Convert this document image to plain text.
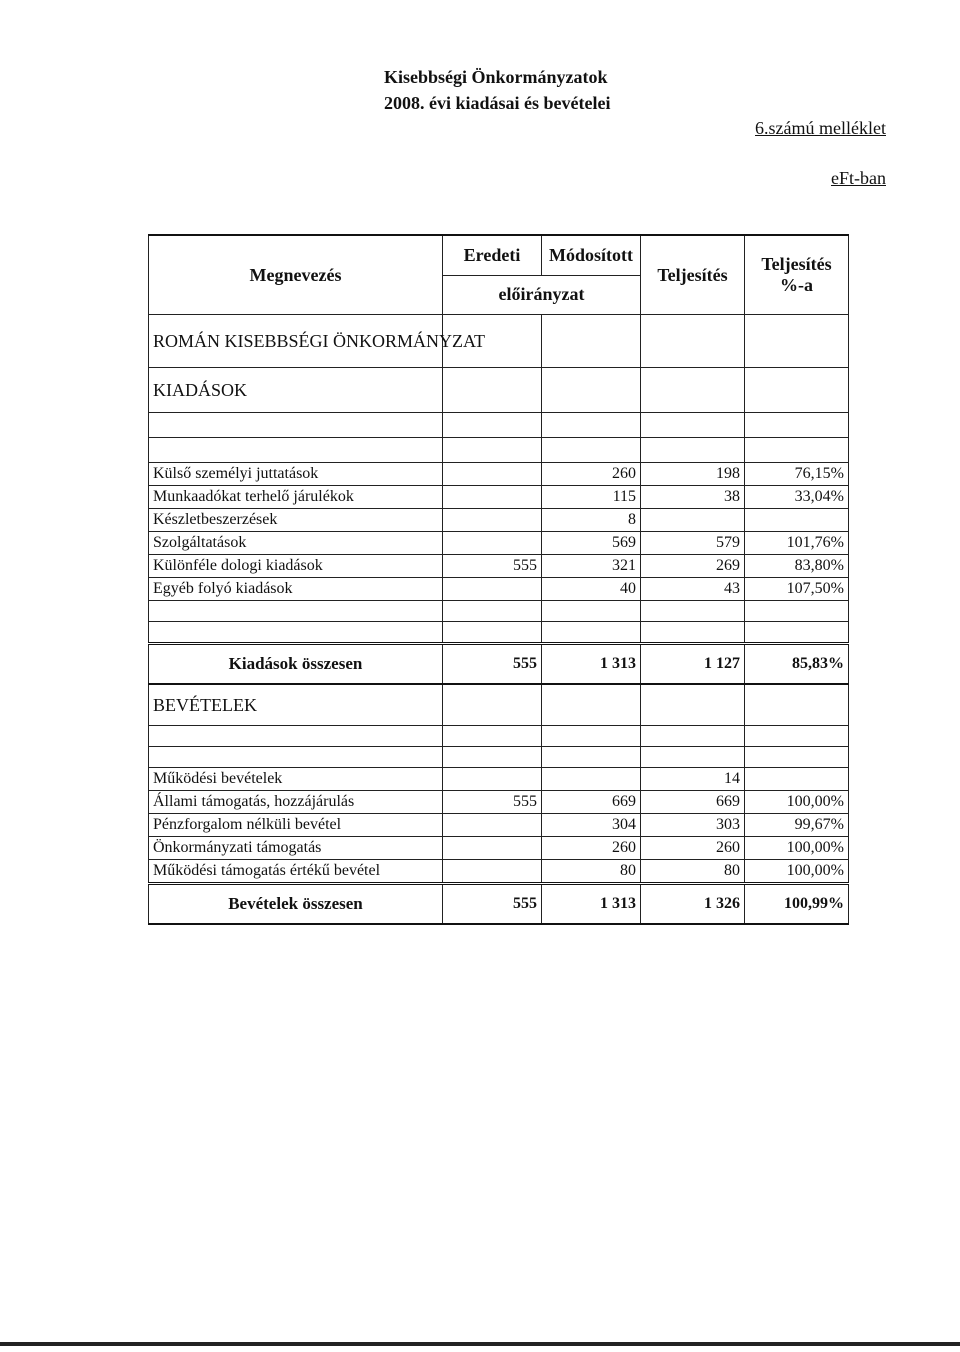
Kisebbségi Önkormányzatok
2008. évi kiadásai és bevételei
6.számú melléklet
eFt-ban
Megnevezés	Eredeti	Módosított	Teljesítés	Teljesítés
%-a
	előirányzat			
ROMÁN KISEBBSÉGI ÖNKORMÁNYZAT				
KIADÁSOK				

Külső személyi juttatások		260	198	76,15%
Munkaadókat terhelő járulékok		115	38	33,04%
Készletbeszerzések		8		
Szolgáltatások		569	579	101,76%
Különféle dologi kiadások	555	321	269	83,80%
Egyéb folyó kiadások		40	43	107,50%

Kiadások összesen	555	1 313	1 127	85,83%
BEVÉTELEK				

Működési bevételek			14	
Állami támogatás, hozzájárulás	555	669	669	100,00%
Pénzforgalom nélküli bevétel		304	303	99,67%
Önkormányzati támogatás		260	260	100,00%
Működési támogatás értékű bevétel		80	80	100,00%
Bevételek összesen	555	1 313	1 326	100,99%
